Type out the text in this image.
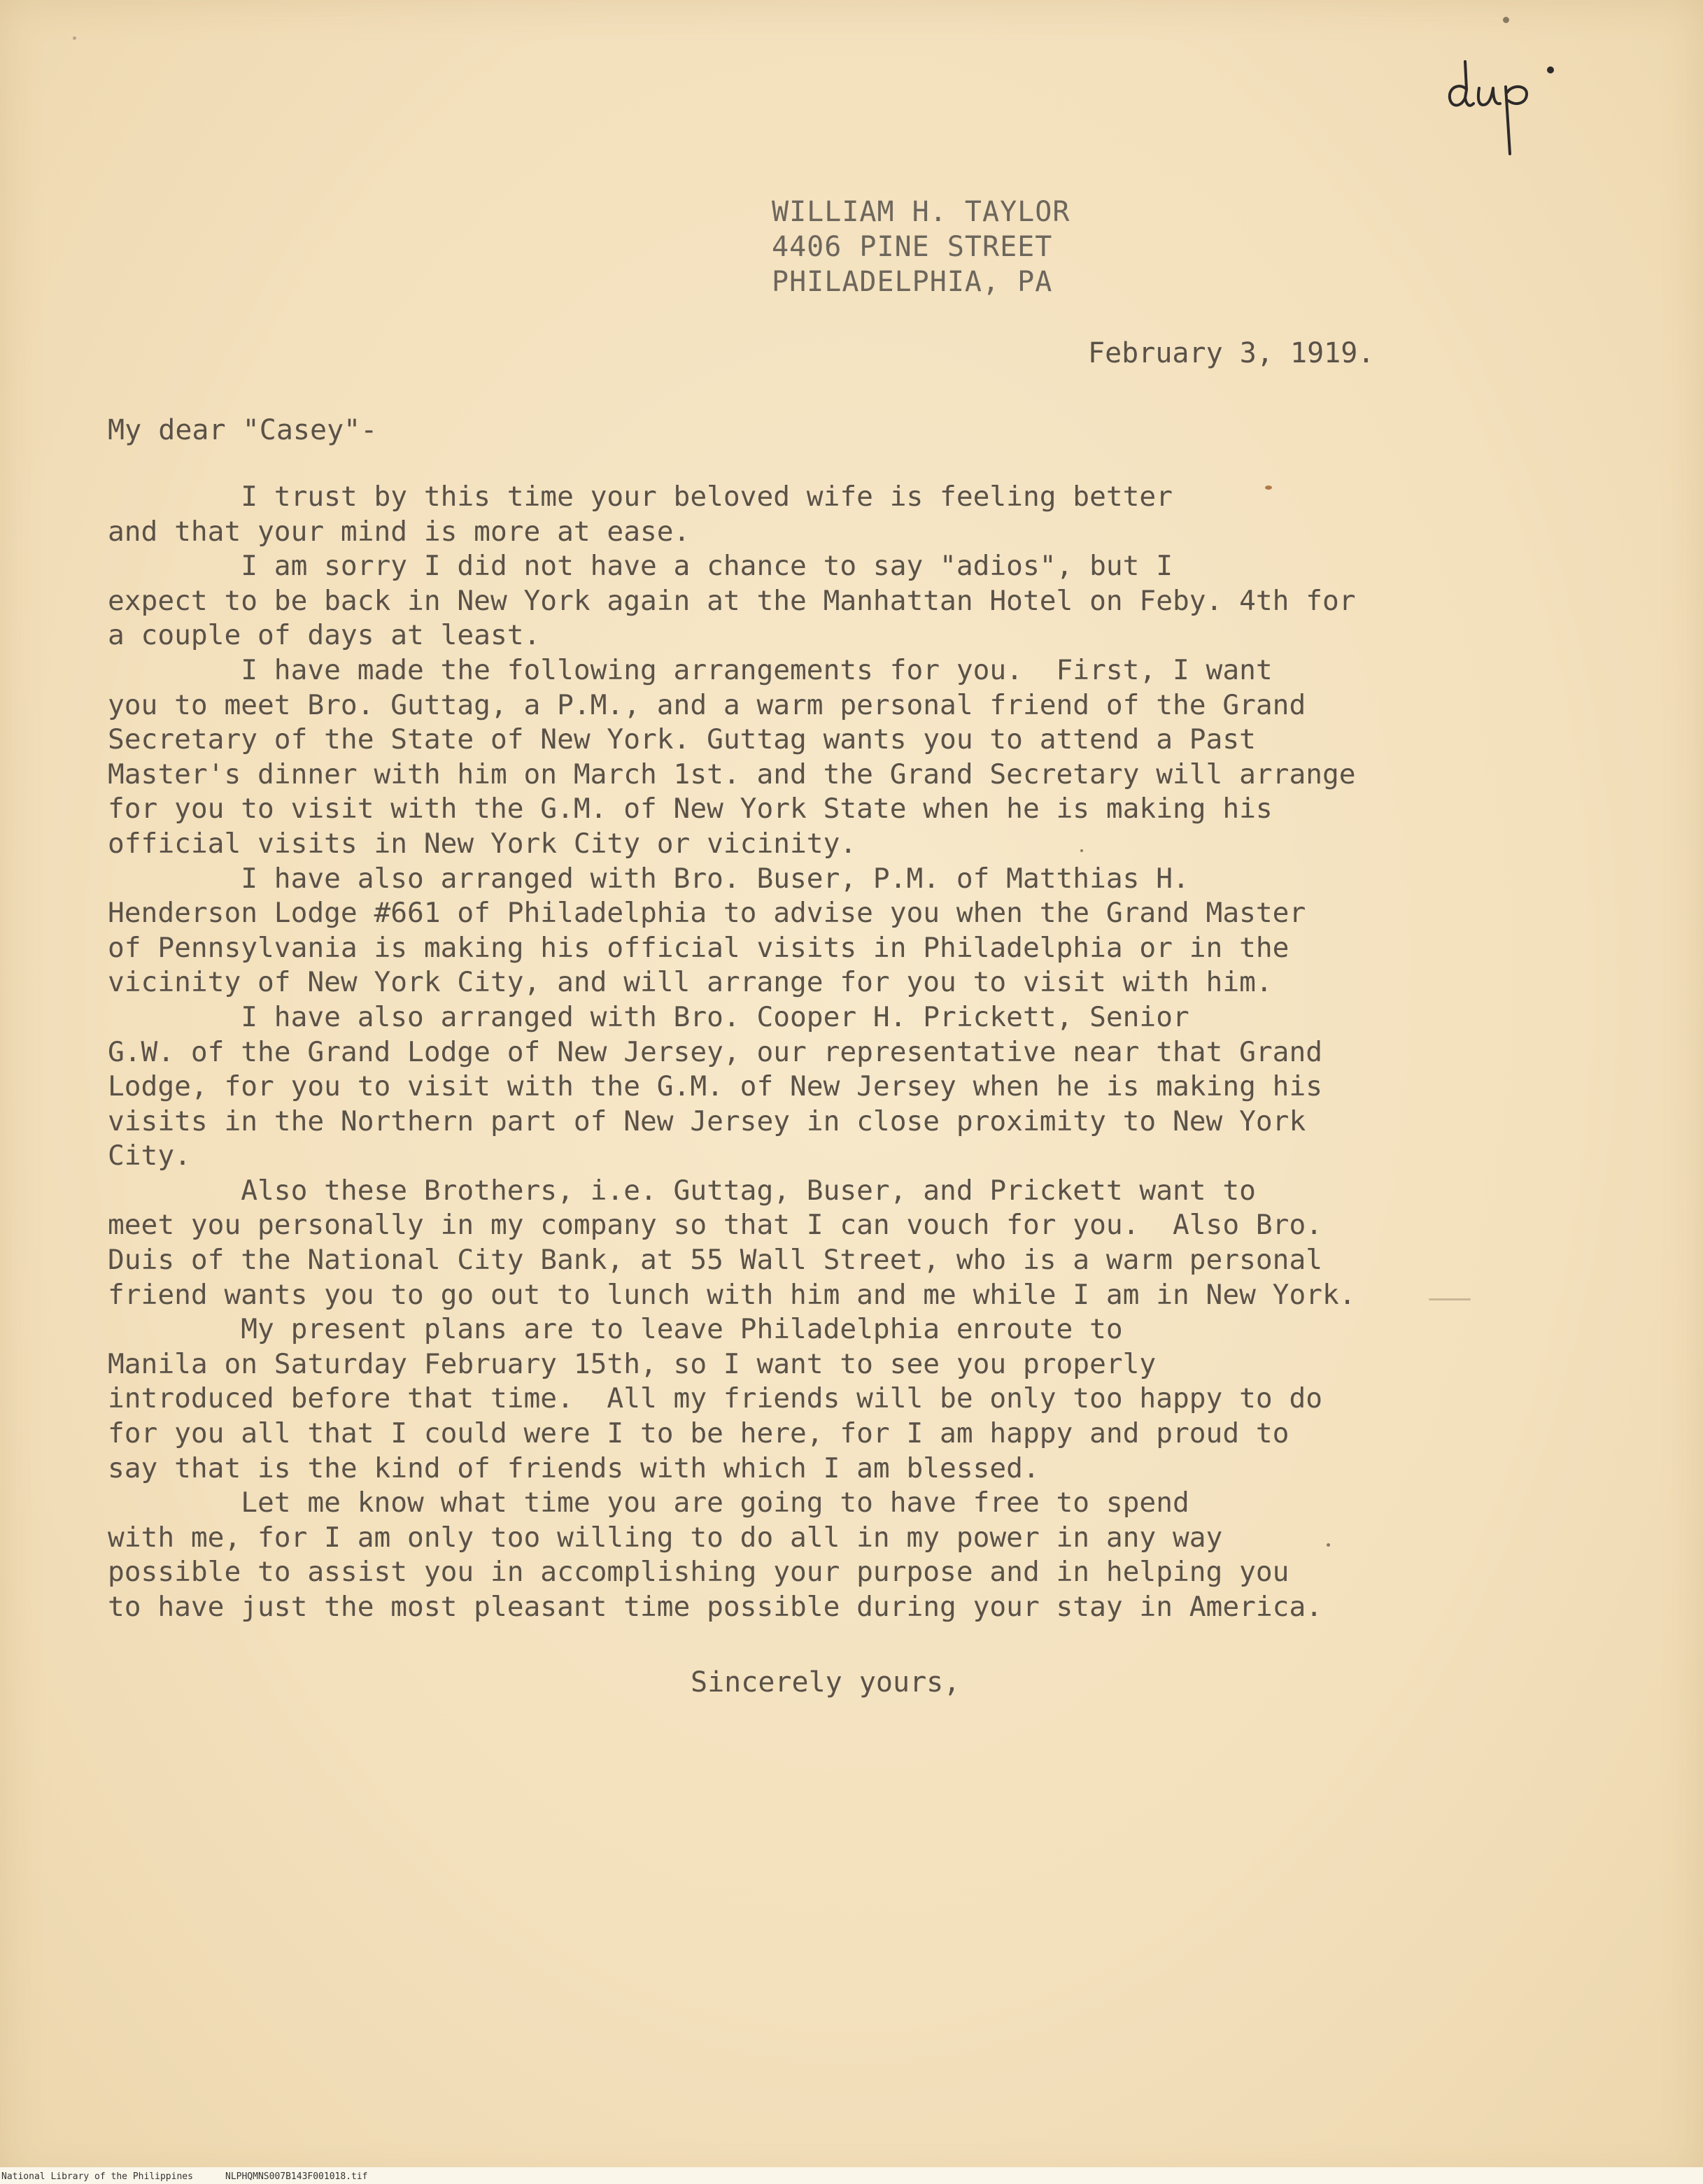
WILLIAM H. TAYLOR
4406 PINE STREET
PHILADELPHIA, PA
February 3, 1919.
My dear "Casey"-
I trust by this time your beloved wife is feeling better
and that your mind is more at ease.
I am sorry I did not have a chance to say "adios", but I
expect to be back in New York again at the Manhattan Hotel on Feby. 4th for
a couple of days at least.
I have made the following arrangements for you.  First, I want
you to meet Bro. Guttag, a P.M., and a warm personal friend of the Grand
Secretary of the State of New York. Guttag wants you to attend a Past
Master's dinner with him on March 1st. and the Grand Secretary will arrange
for you to visit with the G.M. of New York State when he is making his
official visits in New York City or vicinity.
I have also arranged with Bro. Buser, P.M. of Matthias H.
Henderson Lodge #661 of Philadelphia to advise you when the Grand Master
of Pennsylvania is making his official visits in Philadelphia or in the
vicinity of New York City, and will arrange for you to visit with him.
I have also arranged with Bro. Cooper H. Prickett, Senior
G.W. of the Grand Lodge of New Jersey, our representative near that Grand
Lodge, for you to visit with the G.M. of New Jersey when he is making his
visits in the Northern part of New Jersey in close proximity to New York
City.
Also these Brothers, i.e. Guttag, Buser, and Prickett want to
meet you personally in my company so that I can vouch for you.  Also Bro.
Duis of the National City Bank, at 55 Wall Street, who is a warm personal
friend wants you to go out to lunch with him and me while I am in New York.
My present plans are to leave Philadelphia enroute to
Manila on Saturday February 15th, so I want to see you properly
introduced before that time.  All my friends will be only too happy to do
for you all that I could were I to be here, for I am happy and proud to
say that is the kind of friends with which I am blessed.
Let me know what time you are going to have free to spend
with me, for I am only too willing to do all in my power in any way
possible to assist you in accomplishing your purpose and in helping you
to have just the most pleasant time possible during your stay in America.
Sincerely yours,
National Library of the Philippines	NLPHQMNS007B143F001018.tif
